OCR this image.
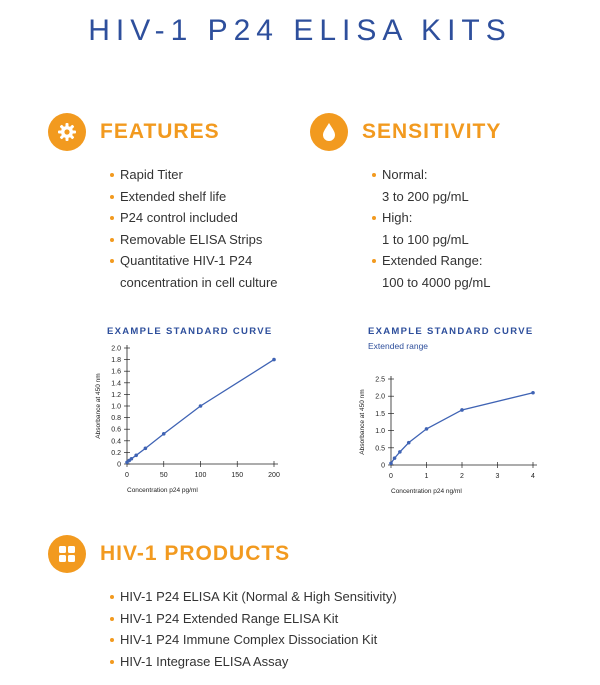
HIV-1 P24 ELISA KITS
FEATURES
Rapid Titer
Extended shelf life
P24 control included
Removable ELISA Strips
Quantitative HIV-1 P24
concentration in cell culture
SENSITIVITY
Normal:
3 to 200 pg/mL
High:
1 to 100 pg/mL
Extended Range:
100 to 4000 pg/mL
EXAMPLE STANDARD CURVE
0
0.2
0.4
0.6
0.8
1.0
1.2
1.4
1.6
1.8
2.0
0	50	100	150	200
Concentration p24 pg/ml
Absorbance at 450 nm
EXAMPLE STANDARD CURVE
Extended range
0
0.5
1.0
1.5
2.0
2.5
0	1	2	3	4
Concentration p24 ng/ml
Absorbance at 450 nm
HIV-1 PRODUCTS
HIV-1 P24 ELISA Kit (Normal & High Sensitivity)
HIV-1 P24 Extended Range ELISA Kit
HIV-1 P24 Immune Complex Dissociation Kit
HIV-1 Integrase ELISA Assay
